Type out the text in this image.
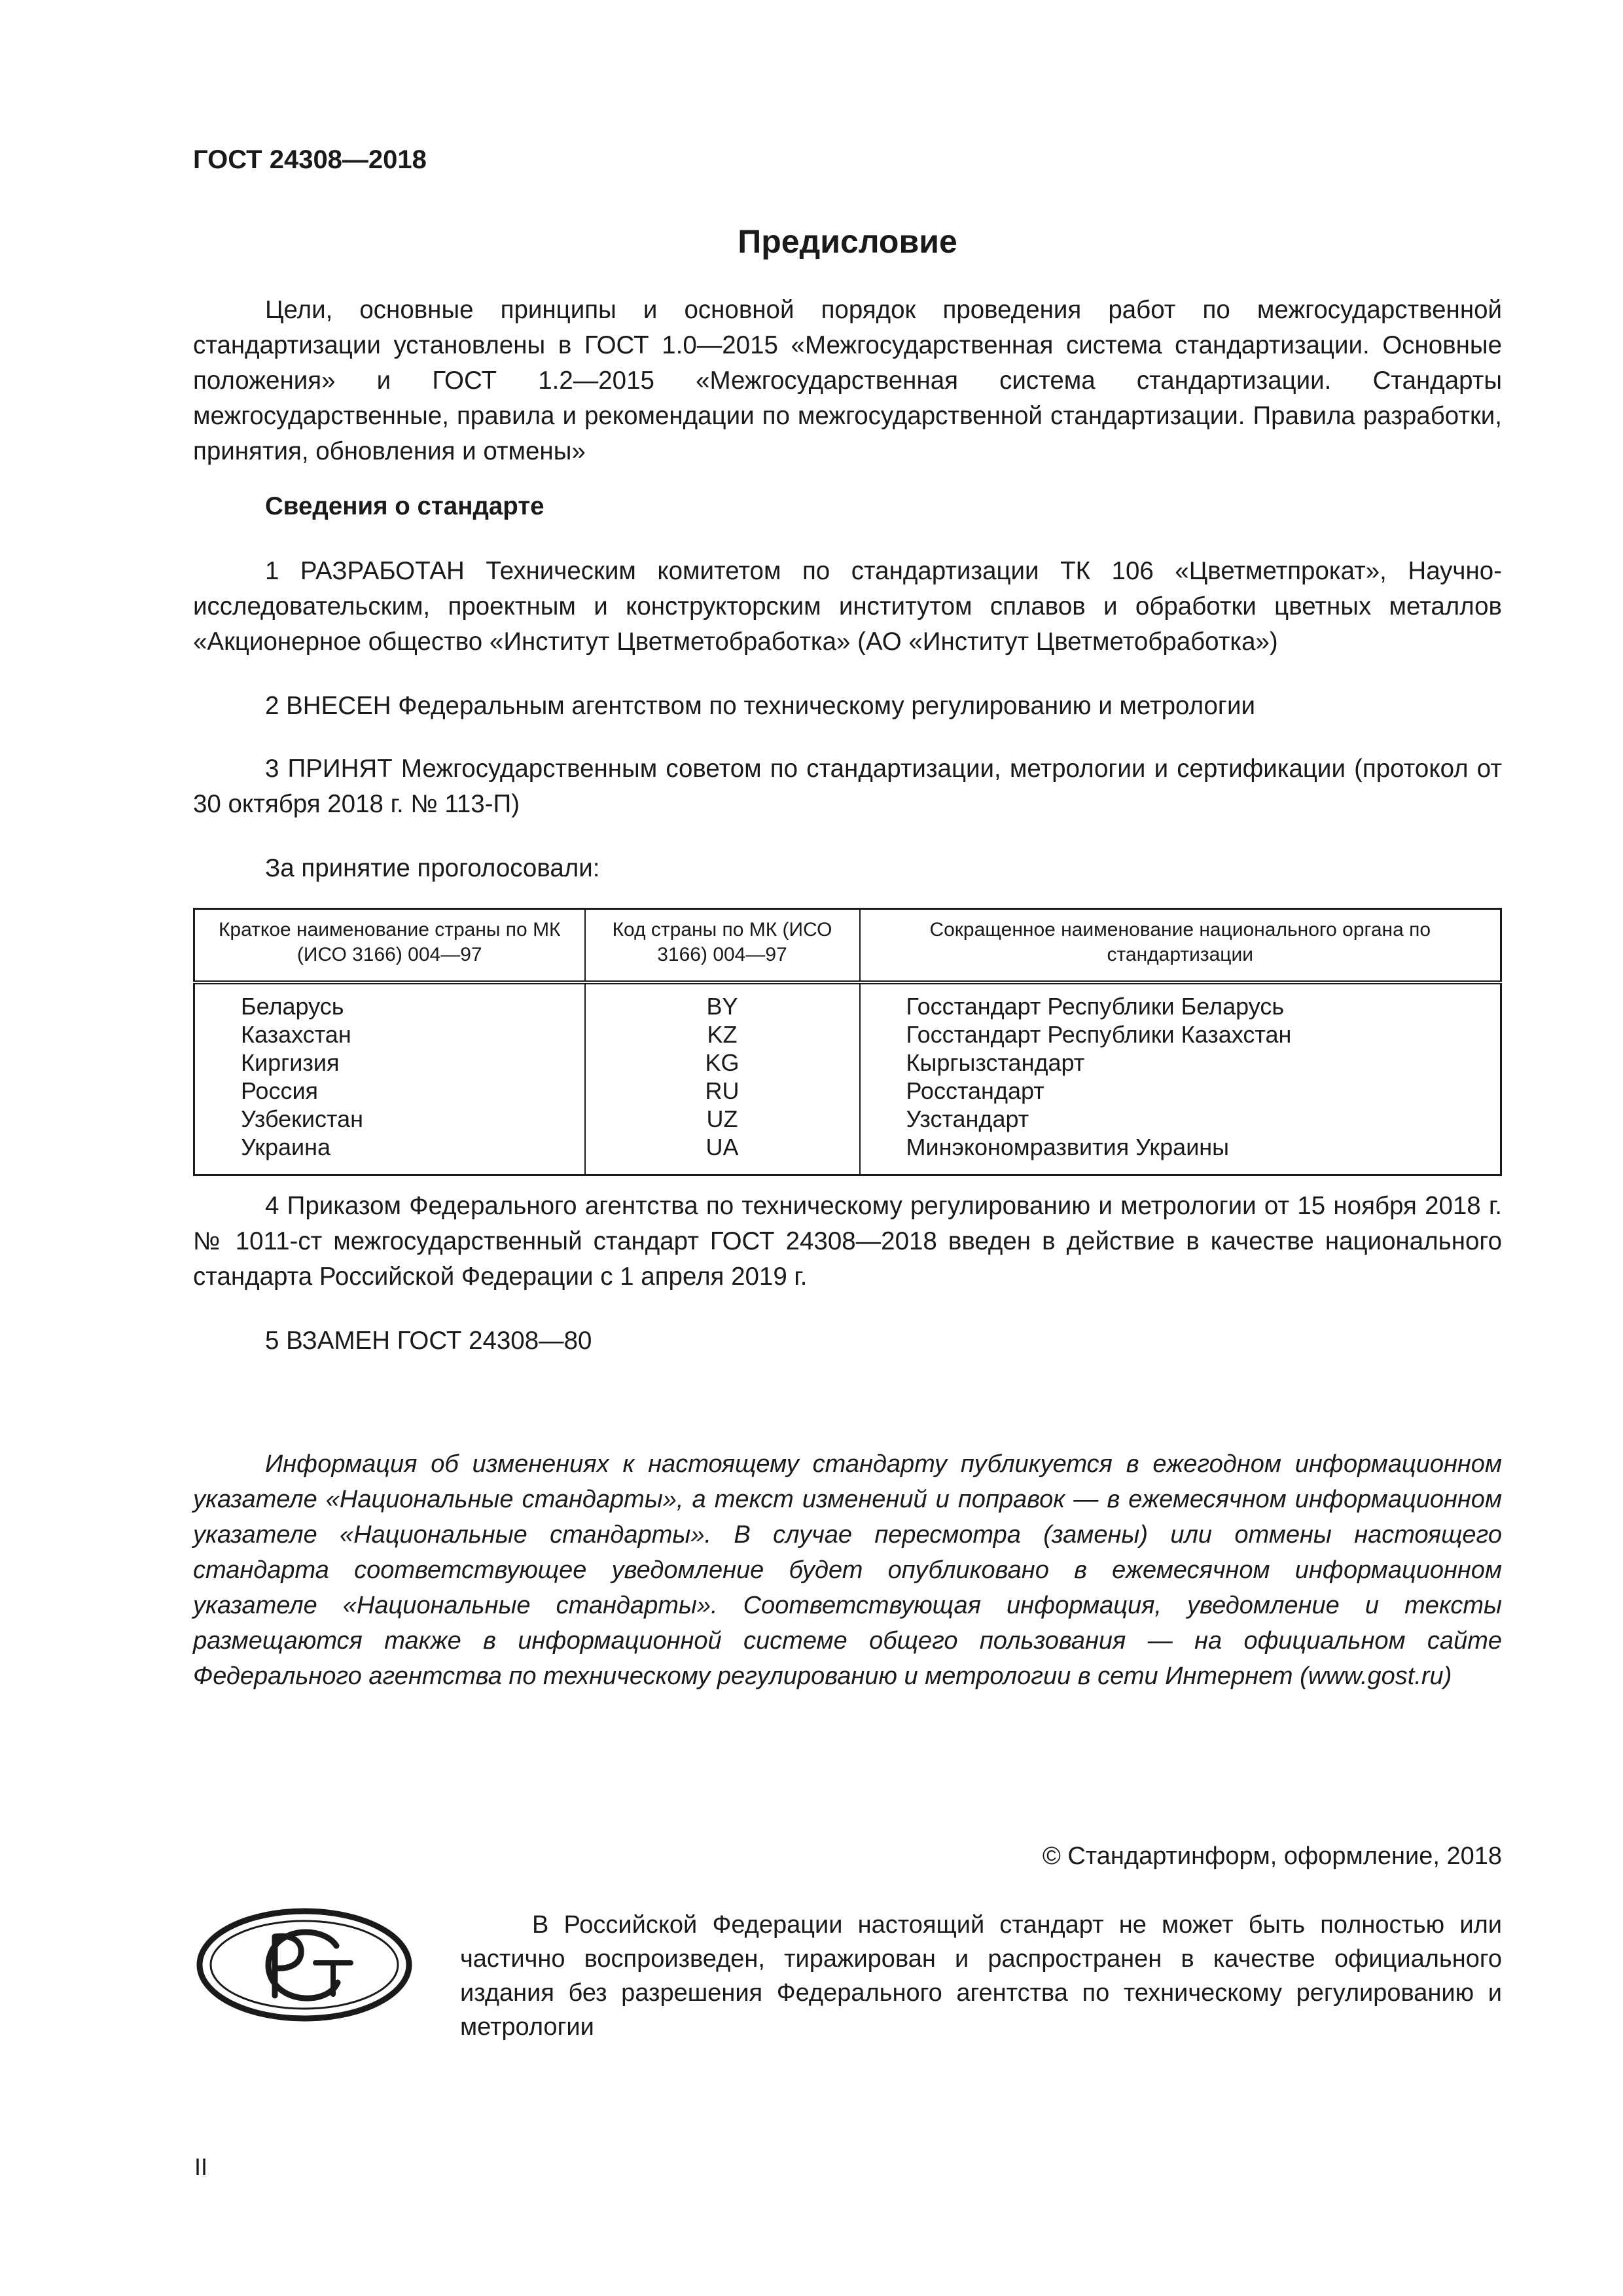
ГОСТ 24308—2018

Предисловие

Цели, основные принципы и основной порядок проведения работ по межгосударственной стандартизации установлены в ГОСТ 1.0—2015 «Межгосударственная система стандартизации. Основные положения» и ГОСТ 1.2—2015 «Межгосударственная система стандартизации. Стандарты межгосударственные, правила и рекомендации по межгосударственной стандартизации. Правила разработки, принятия, обновления и отмены»

Сведения о стандарте

1 РАЗРАБОТАН Техническим комитетом по стандартизации ТК 106 «Цветметпрокат», Научно-исследовательским, проектным и конструкторским институтом сплавов и обработки цветных металлов «Акционерное общество «Институт Цветметобработка» (АО «Институт Цветметобработка»)

2 ВНЕСЕН Федеральным агентством по техническому регулированию и метрологии

3 ПРИНЯТ Межгосударственным советом по стандартизации, метрологии и сертификации (протокол от 30 октября 2018 г. № 113-П)

За принятие проголосовали:

Краткое наименование страны по МК (ИСО 3166) 004—97	Код страны по МК (ИСО 3166) 004—97	Сокращенное наименование национального органа по стандартизации
Беларусь	BY	Госстандарт Республики Беларусь
Казахстан	KZ	Госстандарт Республики Казахстан
Киргизия	KG	Кыргызстандарт
Россия	RU	Росстандарт
Узбекистан	UZ	Узстандарт
Украина	UA	Минэкономразвития Украины

4 Приказом Федерального агентства по техническому регулированию и метрологии от 15 ноября 2018 г. № 1011-ст межгосударственный стандарт ГОСТ 24308—2018 введен в действие в качестве национального стандарта Российской Федерации с 1 апреля 2019 г.

5 ВЗАМЕН ГОСТ 24308—80

Информация об изменениях к настоящему стандарту публикуется в ежегодном информационном указателе «Национальные стандарты», а текст изменений и поправок — в ежемесячном информационном указателе «Национальные стандарты». В случае пересмотра (замены) или отмены настоящего стандарта соответствующее уведомление будет опубликовано в ежемесячном информационном указателе «Национальные стандарты». Соответствующая информация, уведомление и тексты размещаются также в информационной системе общего пользования — на официальном сайте Федерального агентства по техническому регулированию и метрологии в сети Интернет (www.gost.ru)

© Стандартинформ, оформление, 2018

В Российской Федерации настоящий стандарт не может быть полностью или частично воспроизведен, тиражирован и распространен в качестве официального издания без разрешения Федерального агентства по техническому регулированию и метрологии

II
